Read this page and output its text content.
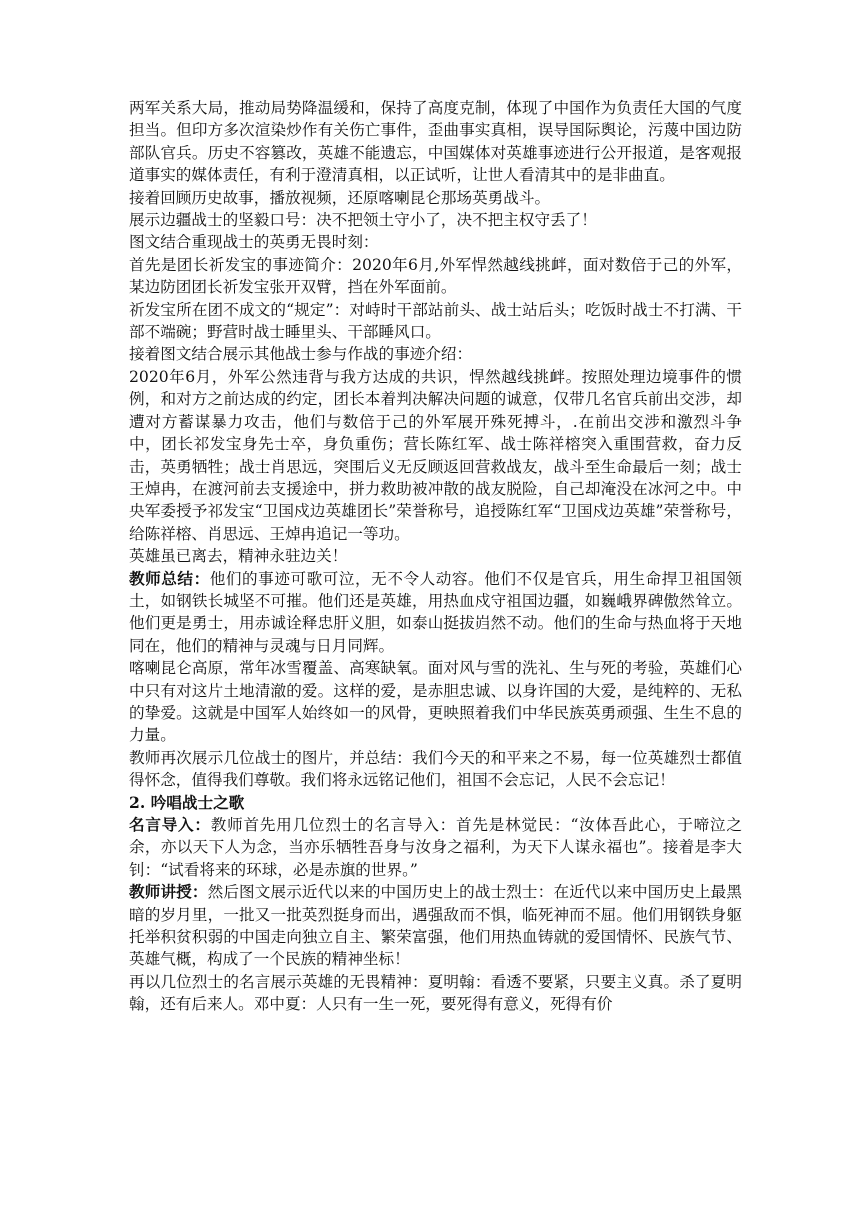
两军关系大局，推动局势降温缓和，保持了高度克制，体现了中国作为负责任大国的气度担当。但印方多次渲染炒作有关伤亡事件，歪曲事实真相，误导国际舆论，污蔑中国边防部队官兵。历史不容篡改，英雄不能遗忘，中国媒体对英雄事迹进行公开报道，是客观报道事实的媒体责任，有利于澄清真相，以正试听，让世人看清其中的是非曲直。

接着回顾历史故事，播放视频，还原喀喇昆仑那场英勇战斗。

展示边疆战士的坚毅口号：决不把领土守小了，决不把主权守丢了！

图文结合重现战士的英勇无畏时刻：

首先是团长祈发宝的事迹简介：2020年6月,外军悍然越线挑衅，面对数倍于己的外军，某边防团团长祈发宝张开双臂，挡在外军面前。

祈发宝所在团不成文的“规定”：对峙时干部站前头、战士站后头；吃饭时战士不打满、干部不端碗；野营时战士睡里头、干部睡风口。

接着图文结合展示其他战士参与作战的事迹介绍：

2020年6月，外军公然违背与我方达成的共识，悍然越线挑衅。按照处理边境事件的惯例，和对方之前达成的约定，团长本着判决解决问题的诚意，仅带几名官兵前出交涉，却遭对方蓄谋暴力攻击，他们与数倍于己的外军展开殊死搏斗，.在前出交涉和激烈斗争中，团长祁发宝身先士卒，身负重伤；营长陈红军、战士陈祥榕突入重围营救，奋力反击，英勇牺牲；战士肖思远，突围后义无反顾返回营救战友，战斗至生命最后一刻；战士王焯冉，在渡河前去支援途中，拼力救助被冲散的战友脱险，自己却淹没在冰河之中。中央军委授予祁发宝“卫国戍边英雄团长”荣誉称号，追授陈红军“卫国戍边英雄”荣誉称号，给陈祥榕、肖思远、王焯冉追记一等功。

英雄虽已离去，精神永驻边关！

教师总结：他们的事迹可歌可泣，无不令人动容。他们不仅是官兵，用生命捍卫祖国领土，如钢铁长城坚不可摧。他们还是英雄，用热血戍守祖国边疆，如巍峨界碑傲然耸立。他们更是勇士，用赤诚诠释忠肝义胆，如泰山挺拔岿然不动。他们的生命与热血将于天地同在，他们的精神与灵魂与日月同辉。

喀喇昆仑高原，常年冰雪覆盖、高寒缺氧。面对风与雪的洗礼、生与死的考验，英雄们心中只有对这片土地清澈的爱。这样的爱，是赤胆忠诚、以身许国的大爱，是纯粹的、无私的挚爱。这就是中国军人始终如一的风骨，更映照着我们中华民族英勇顽强、生生不息的力量。

教师再次展示几位战士的图片，并总结：我们今天的和平来之不易，每一位英雄烈士都值得怀念，值得我们尊敬。我们将永远铭记他们，祖国不会忘记，人民不会忘记！

2. 吟唱战士之歌

名言导入：教师首先用几位烈士的名言导入：首先是林觉民：“汝体吾此心，于啼泣之余，亦以天下人为念，当亦乐牺牲吾身与汝身之福利，为天下人谋永福也”。接着是李大钊：“试看将来的环球，必是赤旗的世界。”

教师讲授：然后图文展示近代以来的中国历史上的战士烈士：在近代以来中国历史上最黑暗的岁月里，一批又一批英烈挺身而出，遇强敌而不惧，临死神而不屈。他们用钢铁身躯托举积贫积弱的中国走向独立自主、繁荣富强，他们用热血铸就的爱国情怀、民族气节、英雄气概，构成了一个民族的精神坐标！

再以几位烈士的名言展示英雄的无畏精神：夏明翰：看透不要紧，只要主义真。杀了夏明翰，还有后来人。邓中夏：人只有一生一死，要死得有意义，死得有价
